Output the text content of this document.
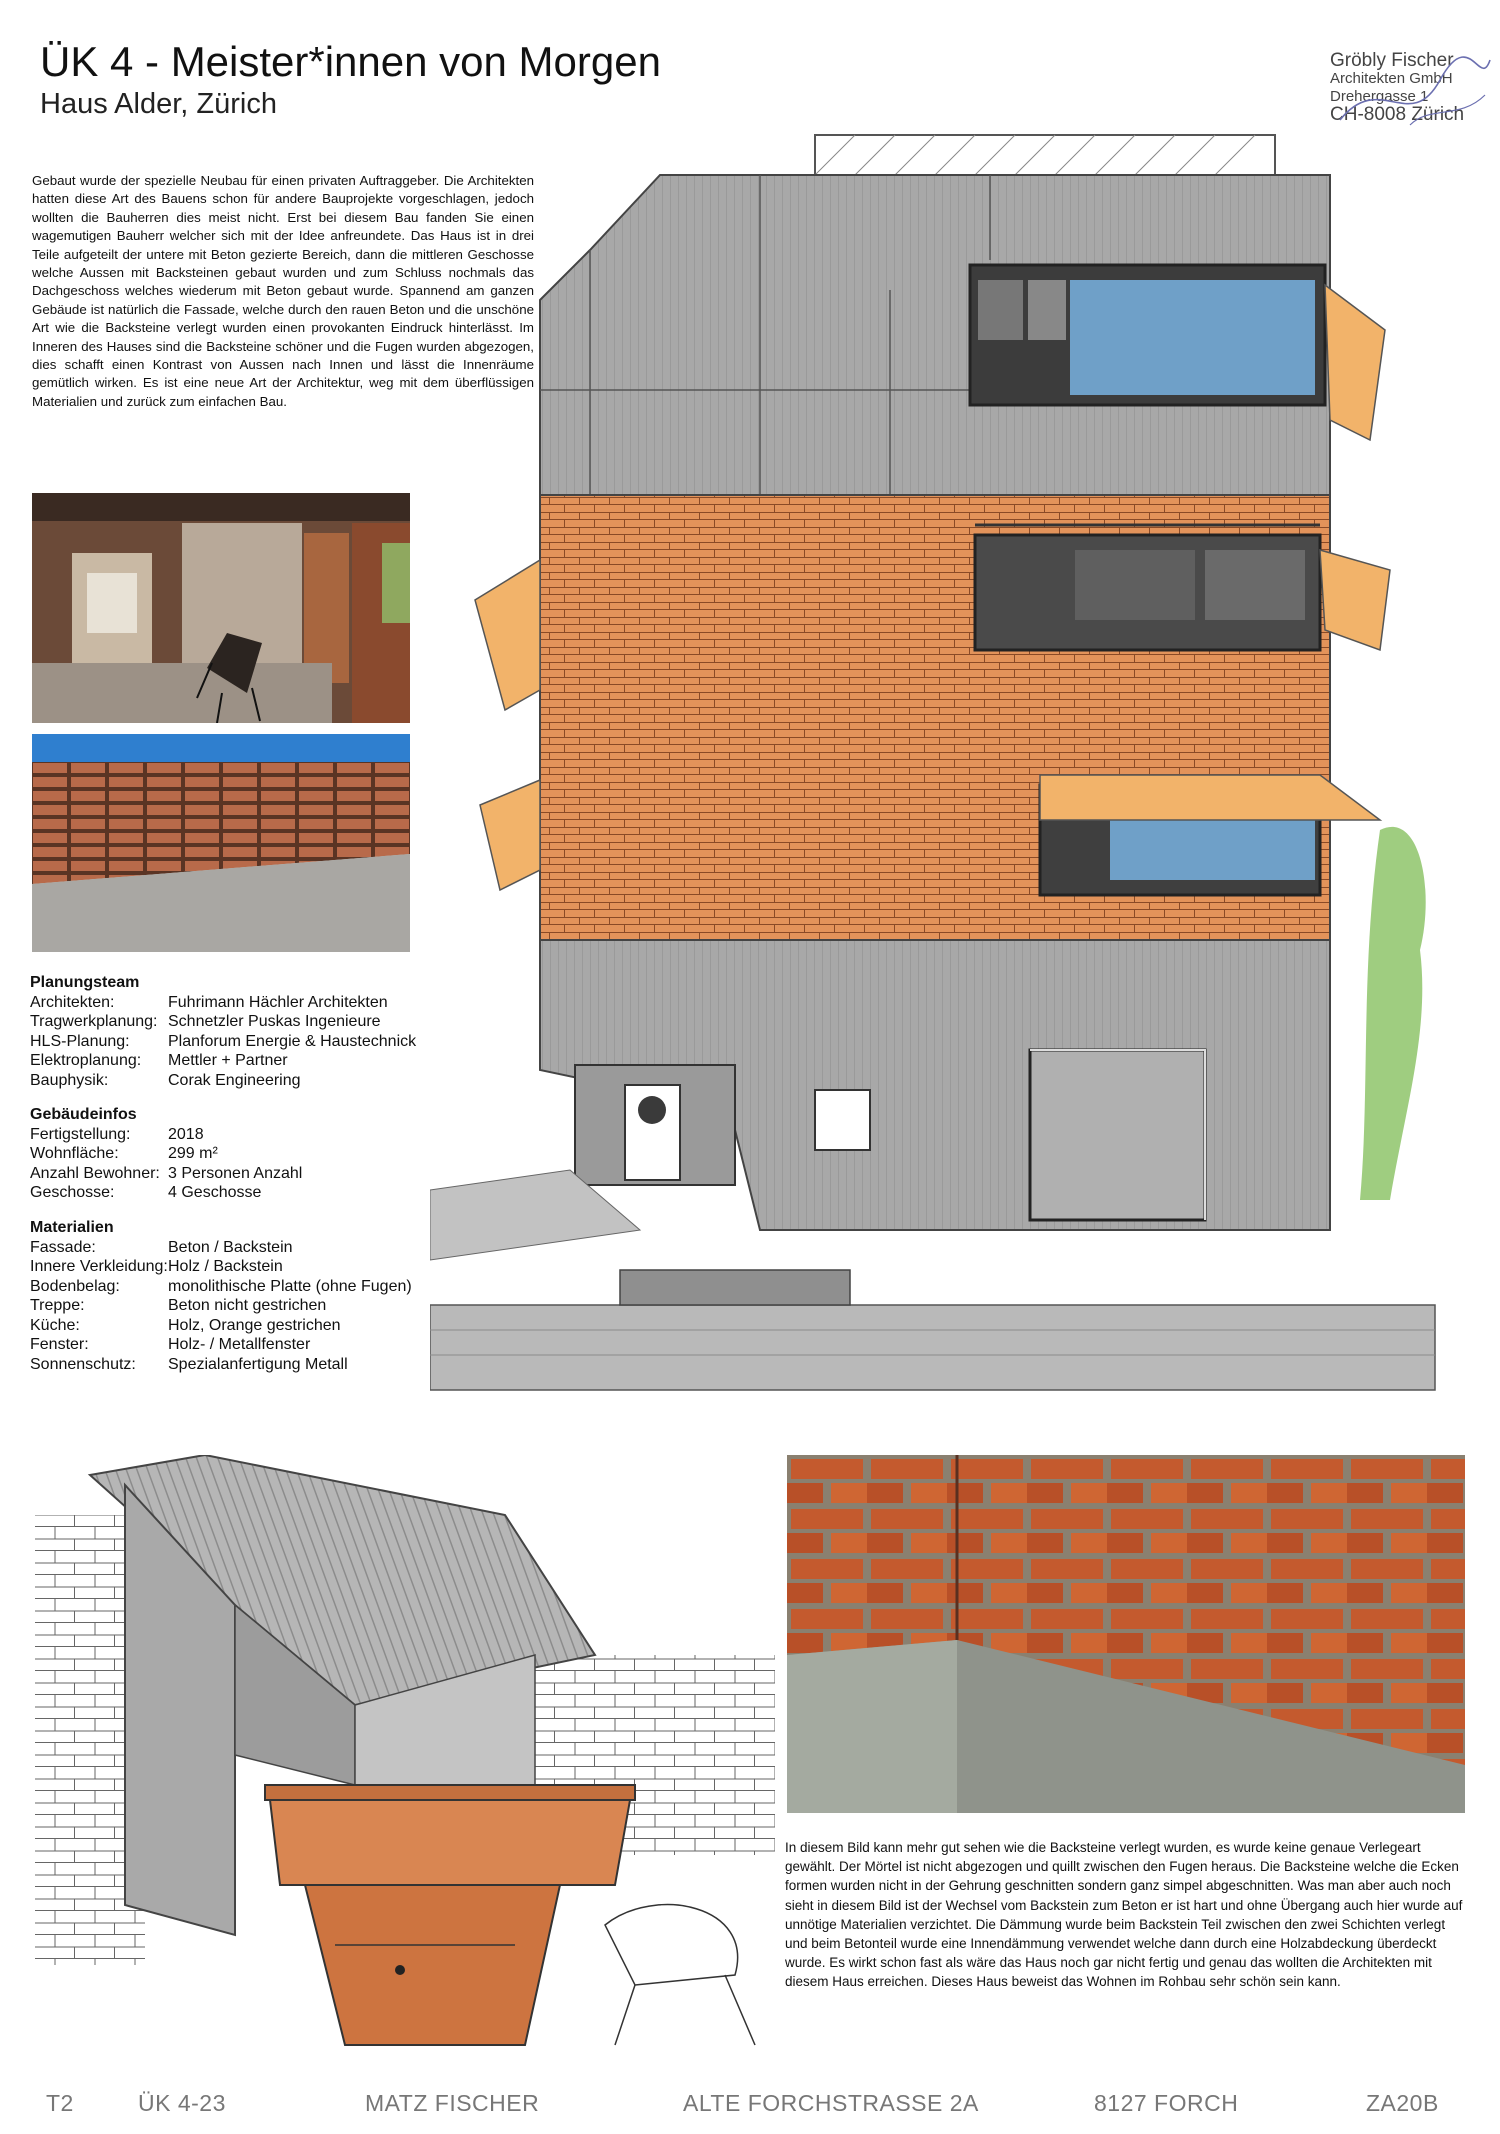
ÜK 4 - Meister*innen von Morgen
Haus Alder, Zürich
Gröbly Fischer
Architekten GmbH
Drehergasse 1
CH-8008 Zürich
Gebaut wurde der spezielle Neubau für einen privaten Auftraggeber. Die Architekten hatten diese Art des Bauens schon für andere Bauprojekte vorgeschlagen, jedoch wollten die Bauherren dies meist nicht. Erst bei diesem Bau fanden Sie einen wagemutigen Bauherr welcher sich mit der Idee anfreundete. Das Haus ist in drei Teile aufgeteilt der untere mit Beton gezierte Bereich, dann die mittleren Geschosse welche Aussen mit Backsteinen gebaut wurden und zum Schluss nochmals das Dachgeschoss welches wiederum mit Beton gebaut wurde. Spannend am ganzen Gebäude ist natürlich die Fassade, welche durch den rauen Beton und die unschöne Art wie die Backsteine verlegt wurden einen provokanten Eindruck hinterlässt. Im Inneren des Hauses sind die Backsteine schöner und die Fugen wurden abgezogen, dies schafft einen Kontrast von Aussen nach Innen und lässt die Innenräume gemütlich wirken. Es ist eine neue Art der Architektur, weg mit dem überflüssigen Materialien und zurück zum einfachen Bau.
Planungsteam
Architekten:	Fuhrimann Hächler Architekten
Tragwerkplanung: Schnetzler Puskas Ingenieure
HLS-Planung:	Planforum Energie & Haustechnick
Elektroplanung:	Mettler + Partner
Bauphysik:	Corak Engineering
Gebäudeinfos
Fertigstellung:	2018
Wohnfläche:	299 m²
Anzahl Bewohner: 3 Personen Anzahl
Geschosse:	4 Geschosse
Materialien
Fassade:	Beton / Backstein
Innere Verkleidung: Holz / Backstein
Bodenbelag:	monolithische Platte (ohne Fugen)
Treppe:	Beton nicht gestrichen
Küche:	Holz, Orange gestrichen
Fenster:	Holz- / Metallfenster
Sonnenschutz:	Spezialanfertigung Metall
In diesem Bild kann mehr gut sehen wie die Backsteine verlegt wurden, es wurde keine genaue Verlegeart gewählt. Der Mörtel ist nicht abgezogen und quillt zwischen den Fugen heraus. Die Backsteine welche die Ecken formen wurden nicht in der Gehrung geschnitten sondern ganz simpel abgeschnitten. Was man aber auch noch sieht in diesem Bild ist der Wechsel vom Backstein zum Beton er ist hart und ohne Übergang auch hier wurde auf unnötige Materialien verzichtet. Die Dämmung wurde beim Backstein Teil zwischen den zwei Schichten verlegt und beim Betonteil wurde eine Innendämmung verwendet welche dann durch eine Holzabdeckung überdeckt wurde. Es wirkt schon fast als wäre das Haus noch gar nicht fertig und genau das wollten die Architekten mit diesem Haus erreichen. Dieses Haus beweist das Wohnen im Rohbau sehr schön sein kann.
T2	ÜK 4-23	MATZ FISCHER	ALTE FORCHSTRASSE 2A	8127 FORCH	ZA20B
